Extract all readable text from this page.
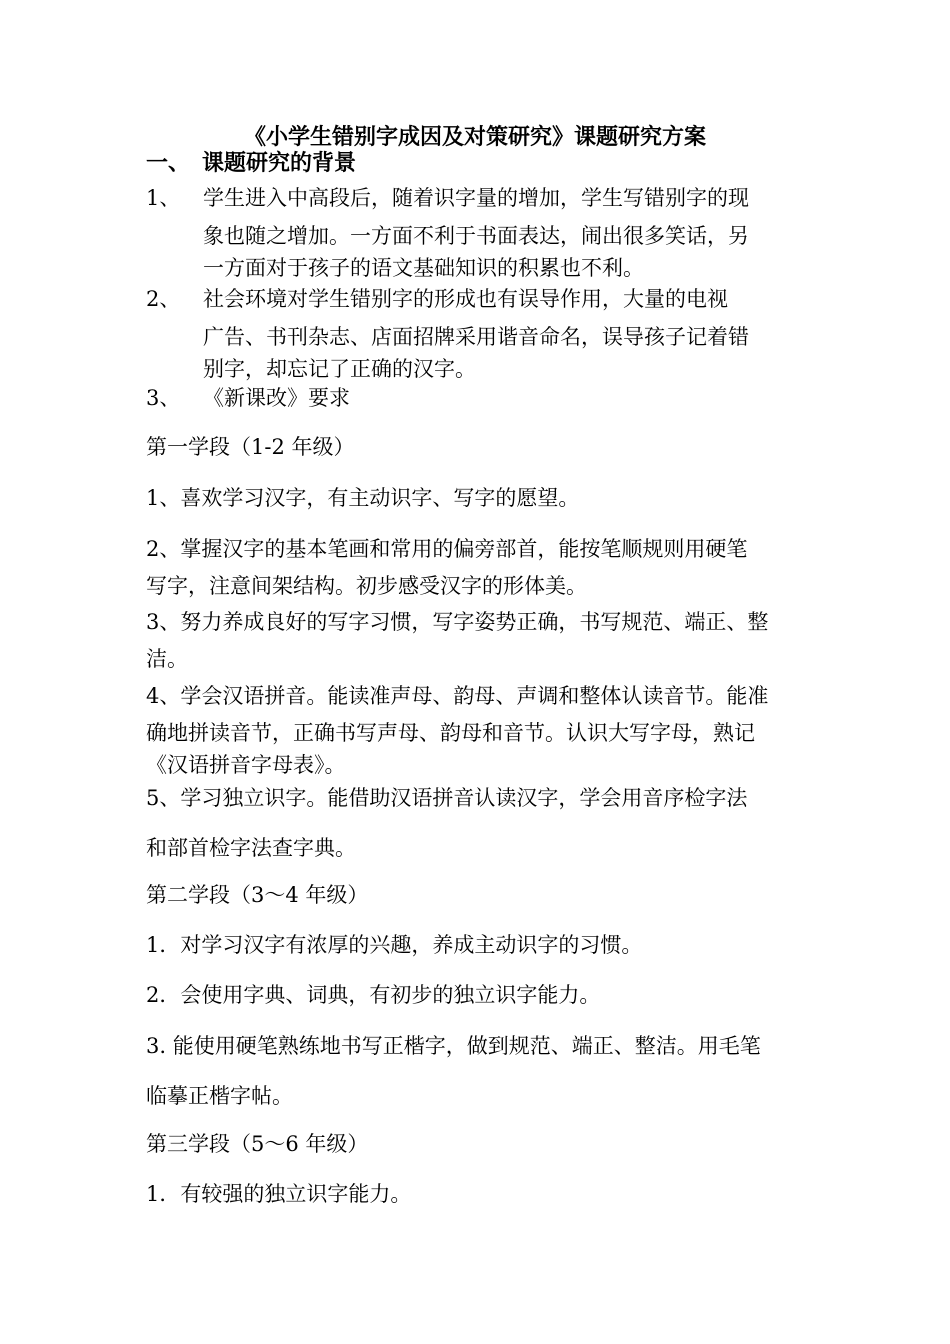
《小学生错别字成因及对策研究》课题研究方案
一、 课题研究的背景
1、 学生进入中高段后，随着识字量的增加，学生写错别字的现
象也随之增加。一方面不利于书面表达，闹出很多笑话，另
一方面对于孩子的语文基础知识的积累也不利。
2、 社会环境对学生错别字的形成也有误导作用，大量的电视
广告、书刊杂志、店面招牌采用谐音命名，误导孩子记着错
别字，却忘记了正确的汉字。
3、 《新课改》要求
第一学段（1-2 年级）
1、喜欢学习汉字，有主动识字、写字的愿望。
2、掌握汉字的基本笔画和常用的偏旁部首，能按笔顺规则用硬笔
写字，注意间架结构。初步感受汉字的形体美。
3、努力养成良好的写字习惯，写字姿势正确，书写规范、端正、整
洁。
4、学会汉语拼音。能读准声母、韵母、声调和整体认读音节。能准
确地拼读音节，正确书写声母、韵母和音节。认识大写字母，熟记
《汉语拼音字母表》。
5、学习独立识字。能借助汉语拼音认读汉字，学会用音序检字法
和部首检字法查字典。
第二学段（3～4 年级）
1．对学习汉字有浓厚的兴趣，养成主动识字的习惯。
2．会使用字典、词典，有初步的独立识字能力。
3. 能使用硬笔熟练地书写正楷字，做到规范、端正、整洁。用毛笔
临摹正楷字帖。
第三学段（5～6 年级）
1．有较强的独立识字能力。
